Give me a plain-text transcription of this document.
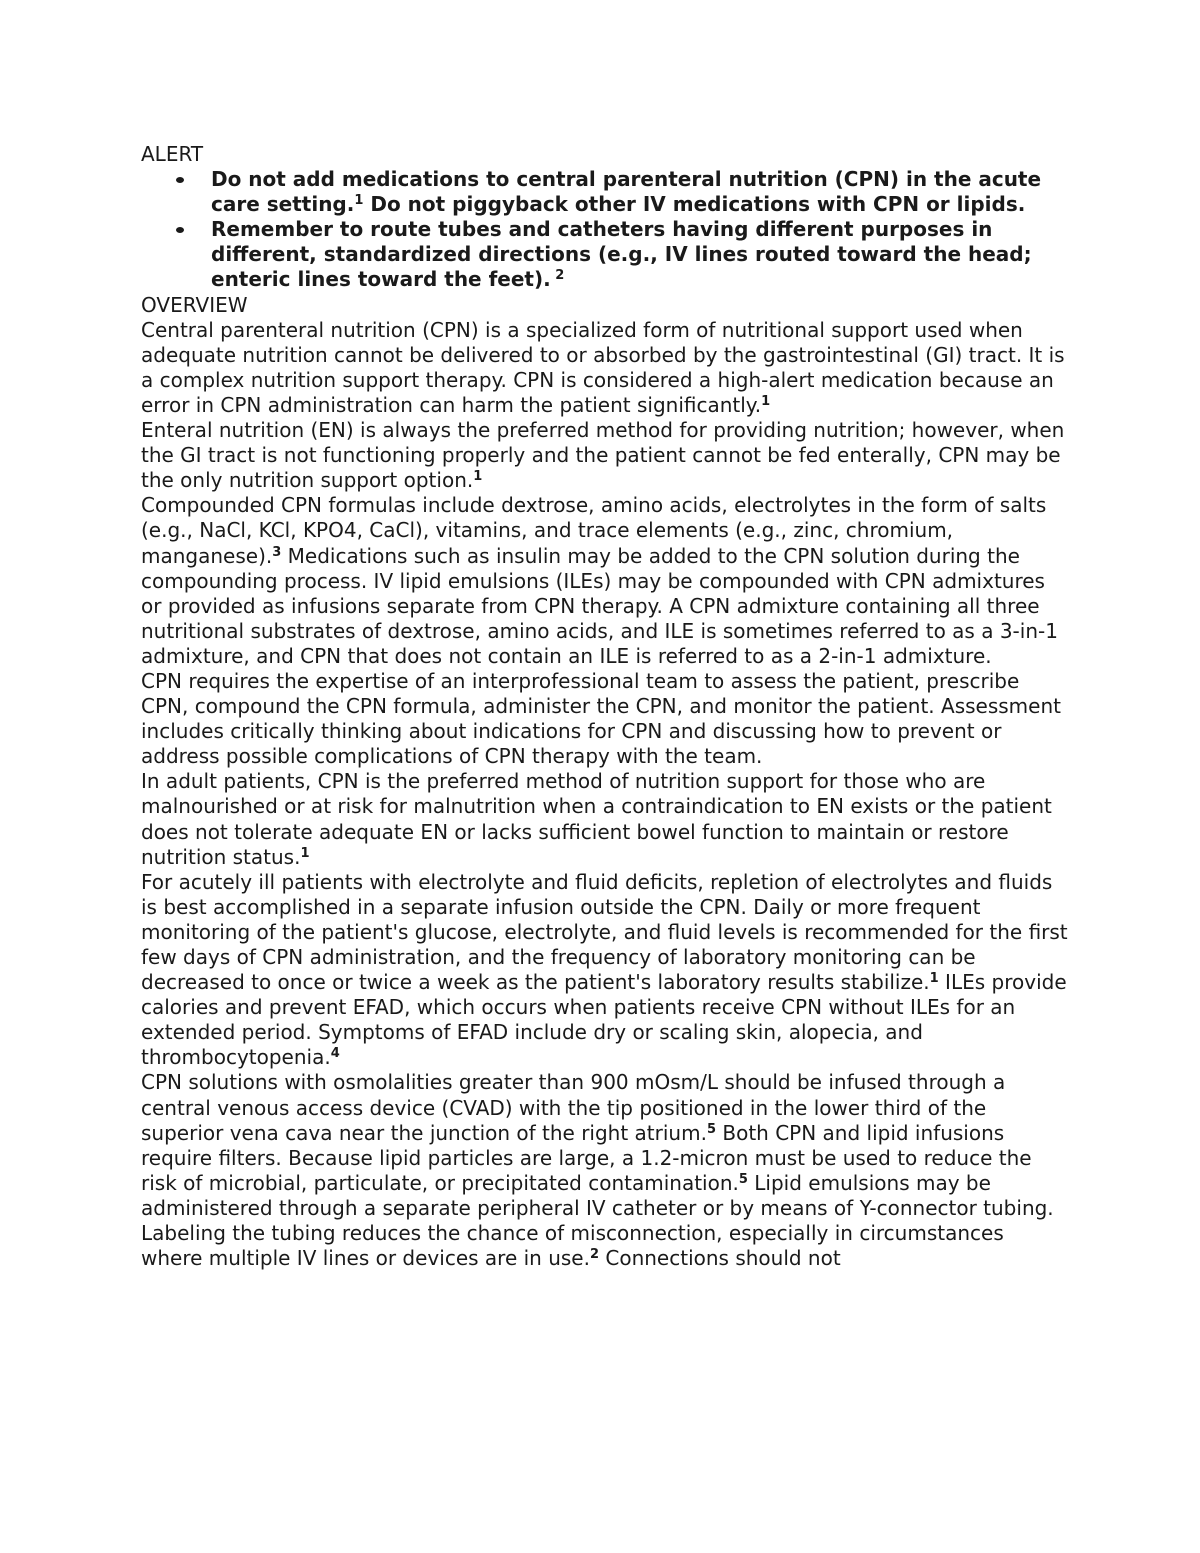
ALERT
Do not add medications to central parenteral nutrition (CPN) in the acute care setting.$^1$ Do not piggyback other IV medications with CPN or lipids.
Remember to route tubes and catheters having different purposes in different, standardized directions (e.g., IV lines routed toward the head; enteric lines toward the feet). $^2$
OVERVIEW

Central parenteral nutrition (CPN) is a specialized form of nutritional support used when adequate nutrition cannot be delivered to or absorbed by the gastrointestinal (GI) tract. It is a complex nutrition support therapy. CPN is considered a high-alert medication because an error in CPN administration can harm the patient significantly.$^1$

Enteral nutrition (EN) is always the preferred method for providing nutrition; however, when the GI tract is not functioning properly and the patient cannot be fed enterally, CPN may be the only nutrition support option.$^1$

Compounded CPN formulas include dextrose, amino acids, electrolytes in the form of salts (e.g., NaCl, KCl, KPO4, CaCl), vitamins, and trace elements (e.g., zinc, chromium, manganese).$^3$ Medications such as insulin may be added to the CPN solution during the compounding process. IV lipid emulsions (ILEs) may be compounded with CPN admixtures or provided as infusions separate from CPN therapy. A CPN admixture containing all three nutritional substrates of dextrose, amino acids, and ILE is sometimes referred to as a 3-in-1 admixture, and CPN that does not contain an ILE is referred to as a 2-in-1 admixture.

CPN requires the expertise of an interprofessional team to assess the patient, prescribe CPN, compound the CPN formula, administer the CPN, and monitor the patient. Assessment includes critically thinking about indications for CPN and discussing how to prevent or address possible complications of CPN therapy with the team.

In adult patients, CPN is the preferred method of nutrition support for those who are malnourished or at risk for malnutrition when a contraindication to EN exists or the patient does not tolerate adequate EN or lacks sufficient bowel function to maintain or restore nutrition status.$^1$

For acutely ill patients with electrolyte and fluid deficits, repletion of electrolytes and fluids is best accomplished in a separate infusion outside the CPN. Daily or more frequent monitoring of the patient's glucose, electrolyte, and fluid levels is recommended for the first few days of CPN administration, and the frequency of laboratory monitoring can be decreased to once or twice a week as the patient's laboratory results stabilize.$^1$ ILEs provide calories and prevent EFAD, which occurs when patients receive CPN without ILEs for an extended period. Symptoms of EFAD include dry or scaling skin, alopecia, and thrombocytopenia.$^4$

CPN solutions with osmolalities greater than 900 mOsm/L should be infused through a central venous access device (CVAD) with the tip positioned in the lower third of the superior vena cava near the junction of the right atrium.$^5$ Both CPN and lipid infusions require filters. Because lipid particles are large, a 1.2-micron must be used to reduce the risk of microbial, particulate, or precipitated contamination.$^5$ Lipid emulsions may be administered through a separate peripheral IV catheter or by means of Y-connector tubing.

Labeling the tubing reduces the chance of misconnection, especially in circumstances where multiple IV lines or devices are in use.$^2$ Connections should not
